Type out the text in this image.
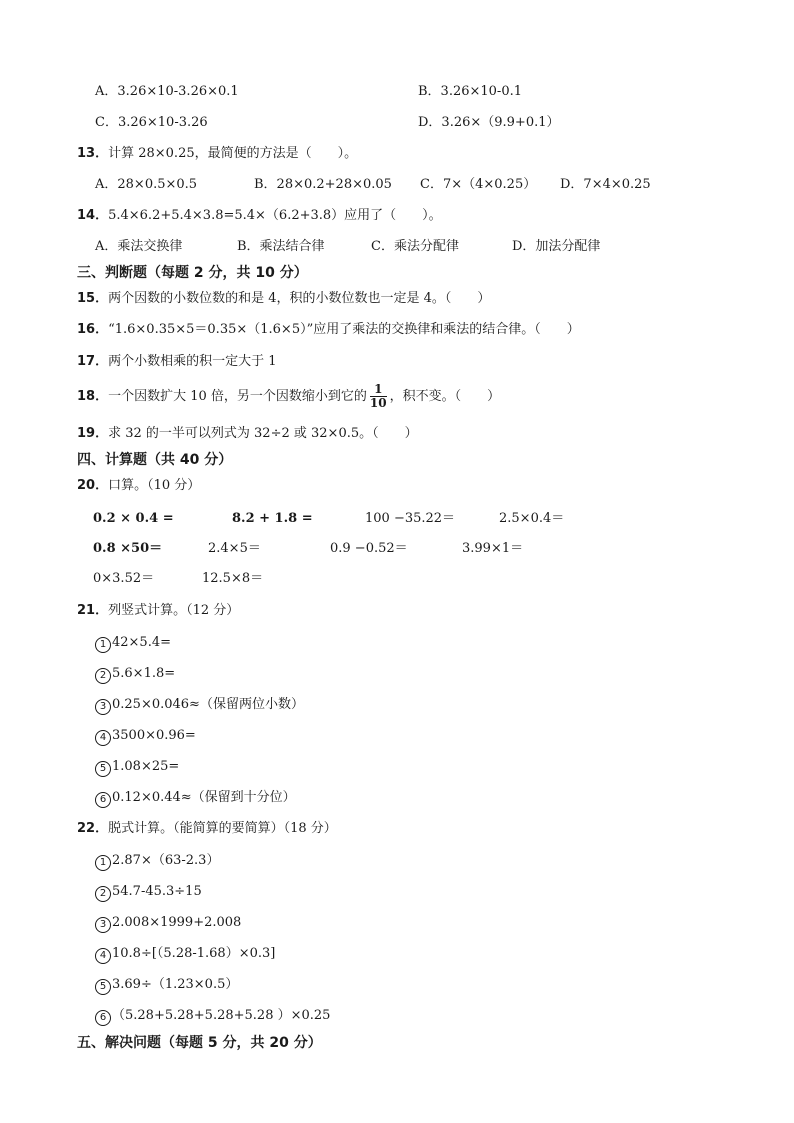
A．3.26×10-3.26×0.1	B．3.26×10-0.1
C．3.26×10-3.26	D．3.26×（9.9+0.1）
13．计算 28×0.25，最简便的方法是（　　）。
A．28×0.5×0.5	B．28×0.2+28×0.05 C．7×（4×0.25） D．7×4×0.25
14．5.4×6.2+5.4×3.8=5.4×（6.2+3.8）应用了（　　）。
A．乘法交换律	B．乘法结合律	C．乘法分配律	D．加法分配律
三、判断题（每题 2 分，共 10 分）
15．两个因数的小数位数的和是 4，积的小数位数也一定是 4。（　　）
16．“1.6×0.35×5＝0.35×（1.6×5）”应用了乘法的交换律和乘法的结合律。（　　）
17．两个小数相乘的积一定大于 1
18．一个因数扩大 10 倍，另一个因数缩小到它的 $\frac{1}{10}$ ，积不变。（　　）
19．求 32 的一半可以列式为 32÷2 或 32×0.5。（　　）
四、计算题（共 40 分）
20．口算。（10 分）
0.2 × 0.4 =	8.2 + 1.8 =	100 −35.22＝	2.5×0.4＝
0.8 ×50＝	2.4×5＝	0.9 −0.52＝	3.99×1＝
0×3.52＝	12.5×8＝
21．列竖式计算。（12 分）
1 42×5.4=
2 5.6×1.8=
3 0.25×0.046≈（保留两位小数）
4 3500×0.96=
5 1.08×25=
6 0.12×0.44≈（保留到十分位）
22．脱式计算。（能简算的要简算）（18 分）
1 2.87×（63-2.3）
2 54.7-45.3÷15
3 2.008×1999+2.008
4 10.8÷[（5.28-1.68）×0.3]
5 3.69÷（1.23×0.5）
6 （5.28+5.28+5.28+5.28 ）×0.25
五、解决问题（每题 5 分，共 20 分）
